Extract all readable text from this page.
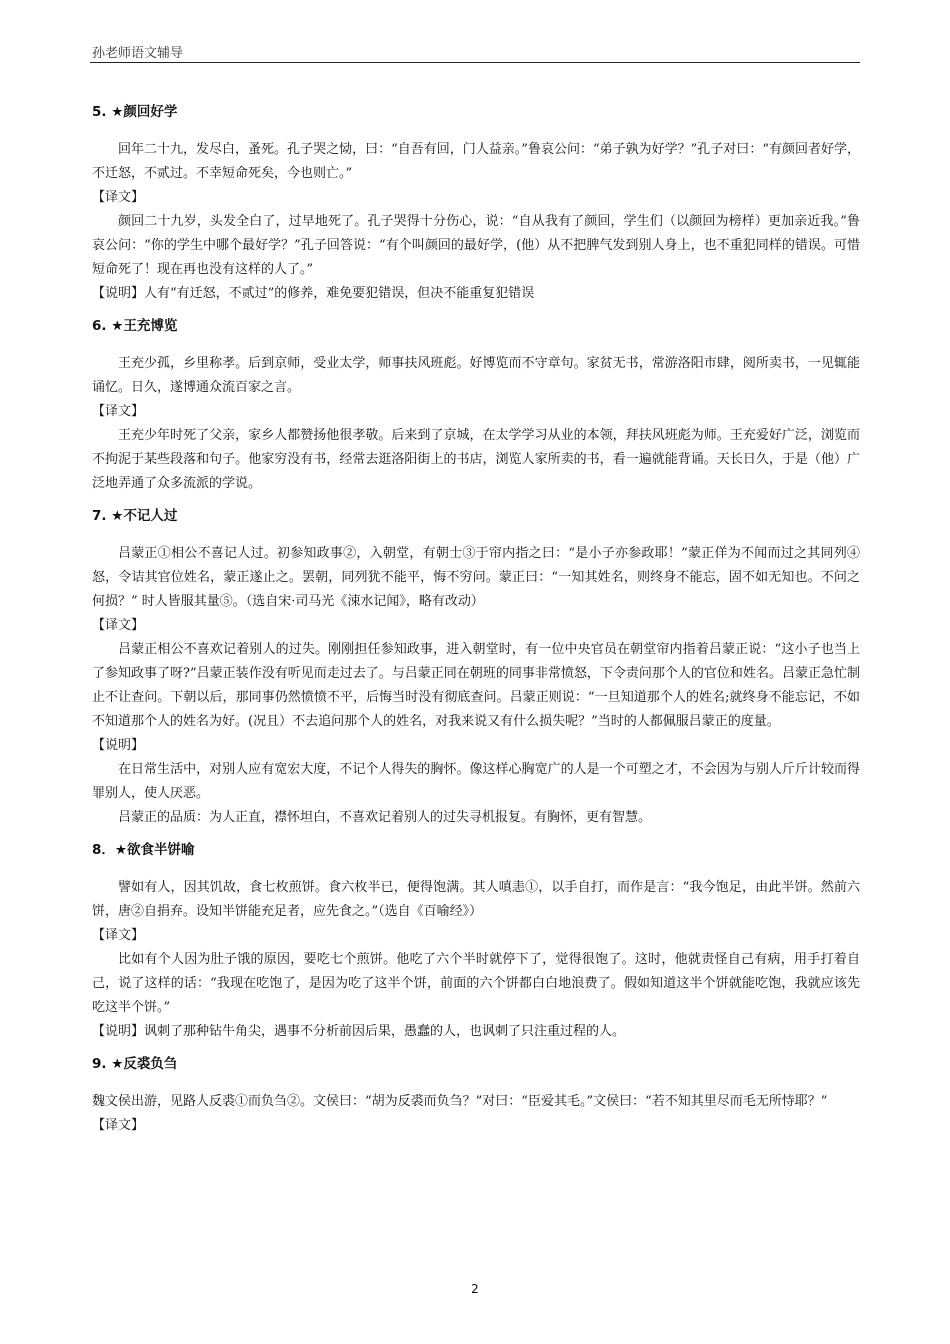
孙老师语文辅导

5. ★颜回好学

回年二十九，发尽白，蚤死。孔子哭之恸，曰：“自吾有回，门人益亲。”鲁哀公问：“弟子孰为好学？”孔子对曰：“有颜回者好学，不迁怒，不贰过。不幸短命死矣，今也则亡。”

【译文】

颜回二十九岁，头发全白了，过早地死了。孔子哭得十分伤心，说：“自从我有了颜回，学生们（以颜回为榜样）更加亲近我。”鲁哀公问：“你的学生中哪个最好学？”孔子回答说：“有个叫颜回的最好学，(他）从不把脾气发到别人身上，也不重犯同样的错误。可惜短命死了！现在再也没有这样的人了。”

【说明】人有“有迁怒，不贰过”的修养，难免要犯错误，但决不能重复犯错误

6. ★王充博览

王充少孤，乡里称孝。后到京师，受业太学，师事扶风班彪。好博览而不守章句。家贫无书，常游洛阳市肆，阅所卖书，一见辄能诵忆。日久，遂博通众流百家之言。

【译文】

王充少年时死了父亲，家乡人都赞扬他很孝敬。后来到了京城，在太学学习从业的本领，拜扶风班彪为师。王充爱好广泛，浏览而不拘泥于某些段落和句子。他家穷没有书，经常去逛洛阳街上的书店，浏览人家所卖的书，看一遍就能背诵。天长日久，于是（他）广泛地弄通了众多流派的学说。

7. ★不记人过

吕蒙正①相公不喜记人过。初参知政事②，入朝堂，有朝士③于帘内指之曰：“是小子亦参政耶！”蒙正佯为不闻而过之其同列④怒，令诘其官位姓名，蒙正遂止之。罢朝，同列犹不能平，悔不穷问。蒙正曰：“一知其姓名，则终身不能忘，固不如无知也。不问之何损？” 时人皆服其量⑤。（选自宋·司马光《涑水记闻》，略有改动）

【译文】

吕蒙正相公不喜欢记着别人的过失。刚刚担任参知政事，进入朝堂时，有一位中央官员在朝堂帘内指着吕蒙正说：“这小子也当上了参知政事了呀?”吕蒙正装作没有听见而走过去了。与吕蒙正同在朝班的同事非常愤怒，下令责问那个人的官位和姓名。吕蒙正急忙制止不让查问。下朝以后，那同事仍然愤愤不平，后悔当时没有彻底查问。吕蒙正则说：“一旦知道那个人的姓名;就终身不能忘记，不如不知道那个人的姓名为好。(况且）不去追问那个人的姓名，对我来说又有什么损失呢？”当时的人都佩服吕蒙正的度量。

【说明】

在日常生活中，对别人应有宽宏大度，不记个人得失的胸怀。像这样心胸宽广的人是一个可塑之才，不会因为与别人斤斤计较而得罪别人，使人厌恶。

吕蒙正的品质：为人正直，襟怀坦白，不喜欢记着别人的过失寻机报复。有胸怀，更有智慧。

8．★欲食半饼喻

譬如有人，因其饥故，食七枚煎饼。食六枚半已，便得饱满。其人嗔恚①，以手自打，而作是言：“我今饱足，由此半饼。然前六饼，唐②自捐弃。设知半饼能充足者，应先食之。”（选自《百喻经》）

【译文】

比如有个人因为肚子饿的原因，要吃七个煎饼。他吃了六个半时就停下了，觉得很饱了。这时，他就责怪自己有病，用手打着自己，说了这样的话：“我现在吃饱了，是因为吃了这半个饼，前面的六个饼都白白地浪费了。假如知道这半个饼就能吃饱，我就应该先吃这半个饼。”

【说明】讽刺了那种钻牛角尖，遇事不分析前因后果，愚蠢的人，也讽刺了只注重过程的人。

9. ★反裘负刍

魏文侯出游，见路人反裘①而负刍②。文侯曰：“胡为反裘而负刍？”对曰：“臣爱其毛。”文侯曰：“若不知其里尽而毛无所恃耶？”

【译文】

2
